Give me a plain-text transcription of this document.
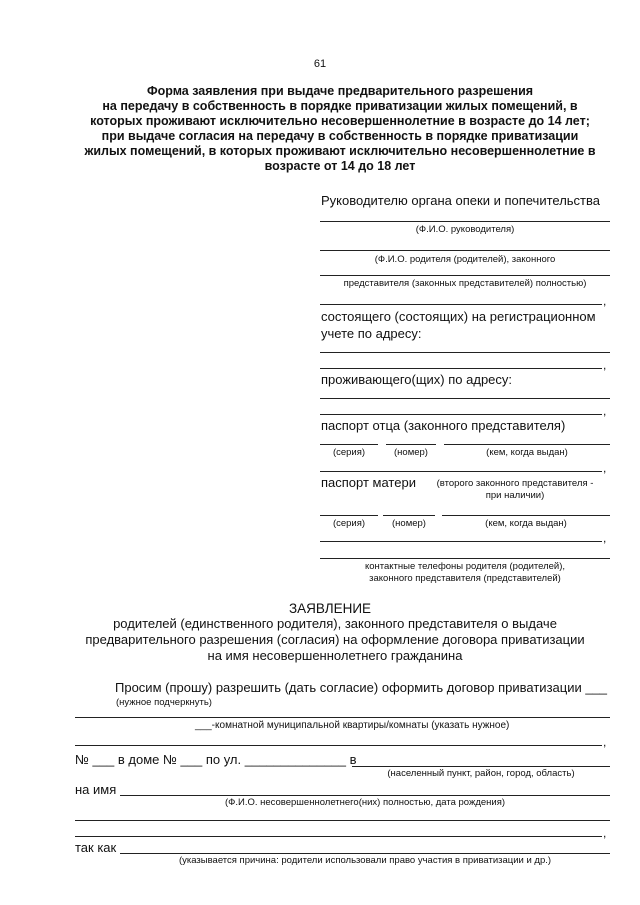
61
Форма заявления при выдаче предварительного разрешения
на передачу в собственность в порядке приватизации жилых помещений, в
которых проживают исключительно несовершеннолетние в возрасте до 14 лет;
при выдаче согласия на передачу в собственность в порядке приватизации
жилых помещений, в которых проживают исключительно несовершеннолетние в
возрасте от 14 до 18 лет
Руководителю органа опеки и попечительства
(Ф.И.О. руководителя)
(Ф.И.О. родителя (родителей), законного
представителя (законных представителей) полностью)
,
состоящего (состоящих) на регистрационном
учете по адресу:
,
проживающего(щих) по адресу:
,
паспорт отца (законного представителя)
(серия)	(номер)	(кем, когда выдан)
,
паспорт матери	(второго законного представителя -
при наличии)
(серия)	(номер)	(кем, когда выдан)
,
контактные телефоны родителя (родителей),
законного представителя (представителей)
ЗАЯВЛЕНИЕ
родителей (единственного родителя), законного представителя о выдаче
предварительного разрешения (согласия) на оформление договора приватизации
на имя несовершеннолетнего гражданина
Просим (прошу) разрешить (дать согласие) оформить договор приватизации ___
(нужное подчеркнуть)
___-комнатной муниципальной квартиры/комнаты (указать нужное)
,
№ ___ в доме № ___ по ул. ______________ в
(населенный пункт, район, город, область)
на имя
(Ф.И.О. несовершеннолетнего(них) полностью, дата рождения)
,
так как
(указывается причина: родители использовали право участия в приватизации и др.)
